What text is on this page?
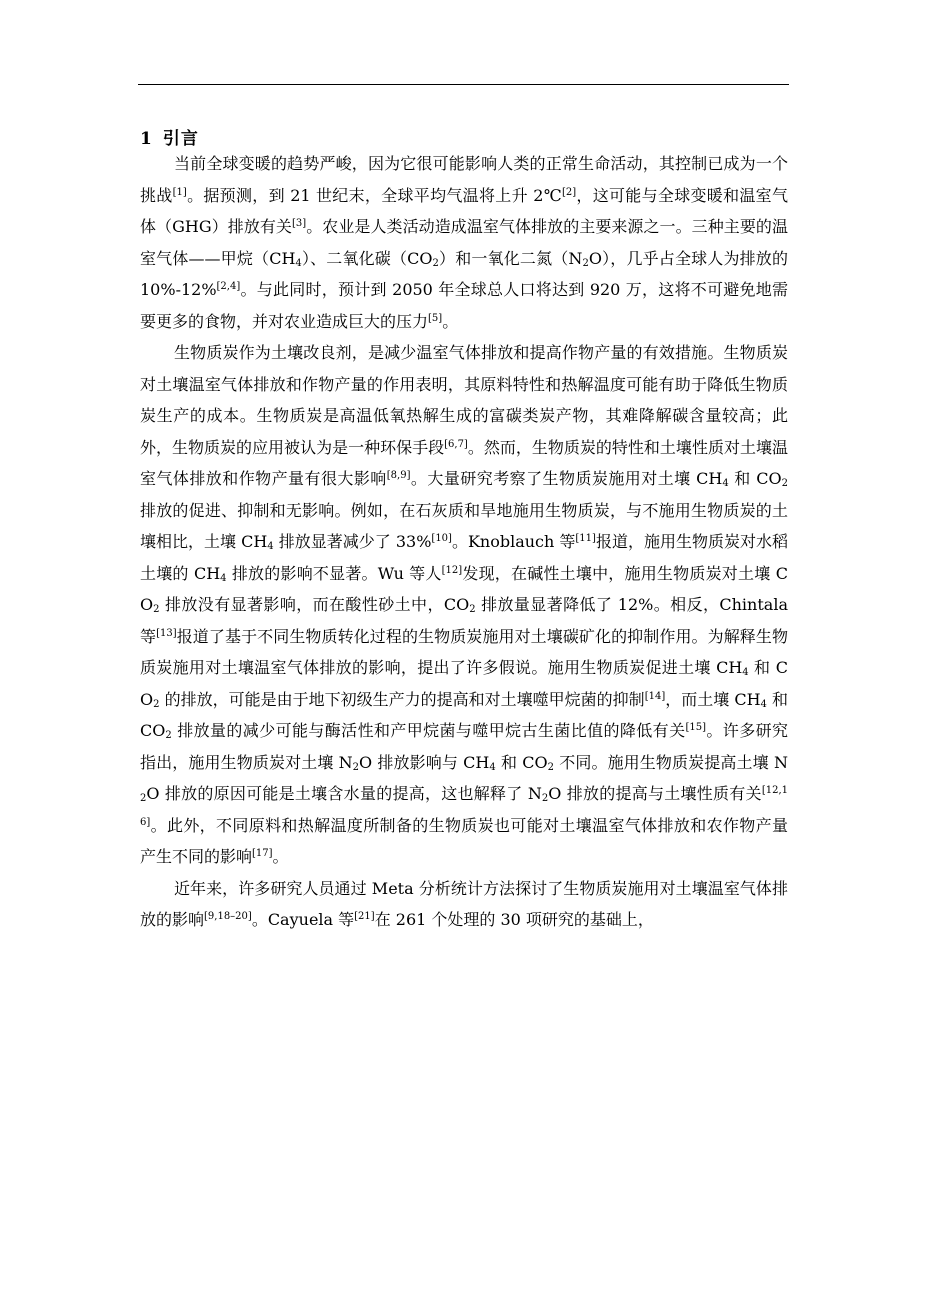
1 引言

当前全球变暖的趋势严峻，因为它很可能影响人类的正常生命活动，其控制已成为一个挑战[1]。据预测，到 21 世纪末，全球平均气温将上升 2℃[2]，这可能与全球变暖和温室气体（GHG）排放有关[3]。农业是人类活动造成温室气体排放的主要来源之一。三种主要的温室气体——甲烷$(CH_4)$、二氧化碳$(CO_2)$和一氧化二氮$(N_2O)$，几乎占全球人为排放的 10%-12%[2,4]。与此同时，预计到 2050 年全球总人口将达到 920 万，这将不可避免地需要更多的食物，并对农业造成巨大的压力[5]。

生物质炭作为土壤改良剂，是减少温室气体排放和提高作物产量的有效措施。生物质炭对土壤温室气体排放和作物产量的作用表明，其原料特性和热解温度可能有助于降低生物质炭生产的成本。生物质炭是高温低氧热解生成的富碳类炭产物，其难降解碳含量较高；此外，生物质炭的应用被认为是一种环保手段[6,7]。然而，生物质炭的特性和土壤性质对土壤温室气体排放和作物产量有很大影响[8,9]。大量研究考察了生物质炭施用对土壤 $CH_4$ 和 $CO_2$ 排放的促进、抑制和无影响。例如，在石灰质和旱地施用生物质炭，与不施用生物质炭的土壤相比，土壤 $CH_4$ 排放显著减少了 33%[10]。Knoblauch 等[11]报道，施用生物质炭对水稻土壤的 $CH_4$ 排放的影响不显著。Wu 等人[12]发现，在碱性土壤中，施用生物质炭对土壤 $CO_2$ 排放没有显著影响，而在酸性砂土中，$CO_2$ 排放量显著降低了 12%。相反，Chintala 等[13]报道了基于不同生物质转化过程的生物质炭施用对土壤碳矿化的抑制作用。为解释生物质炭施用对土壤温室气体排放的影响，提出了许多假说。施用生物质炭促进土壤 $CH_4$ 和 $CO_2$ 的排放，可能是由于地下初级生产力的提高和对土壤噬甲烷菌的抑制[14]，而土壤 $CH_4$ 和 $CO_2$ 排放量的减少可能与酶活性和产甲烷菌与噬甲烷古生菌比值的降低有关[15]。许多研究指出，施用生物质炭对土壤 $N_2O$ 排放影响与 $CH_4$ 和 $CO_2$ 不同。施用生物质炭提高土壤 $N_2O$ 排放的原因可能是土壤含水量的提高，这也解释了 $N_2O$ 排放的提高与土壤性质有关[12,16]。此外，不同原料和热解温度所制备的生物质炭也可能对土壤温室气体排放和农作物产量产生不同的影响[17]。

近年来，许多研究人员通过 Meta 分析统计方法探讨了生物质炭施用对土壤温室气体排放的影响[9,18–20]。Cayuela 等[21]在 261 个处理的 30 项研究的基础上，
